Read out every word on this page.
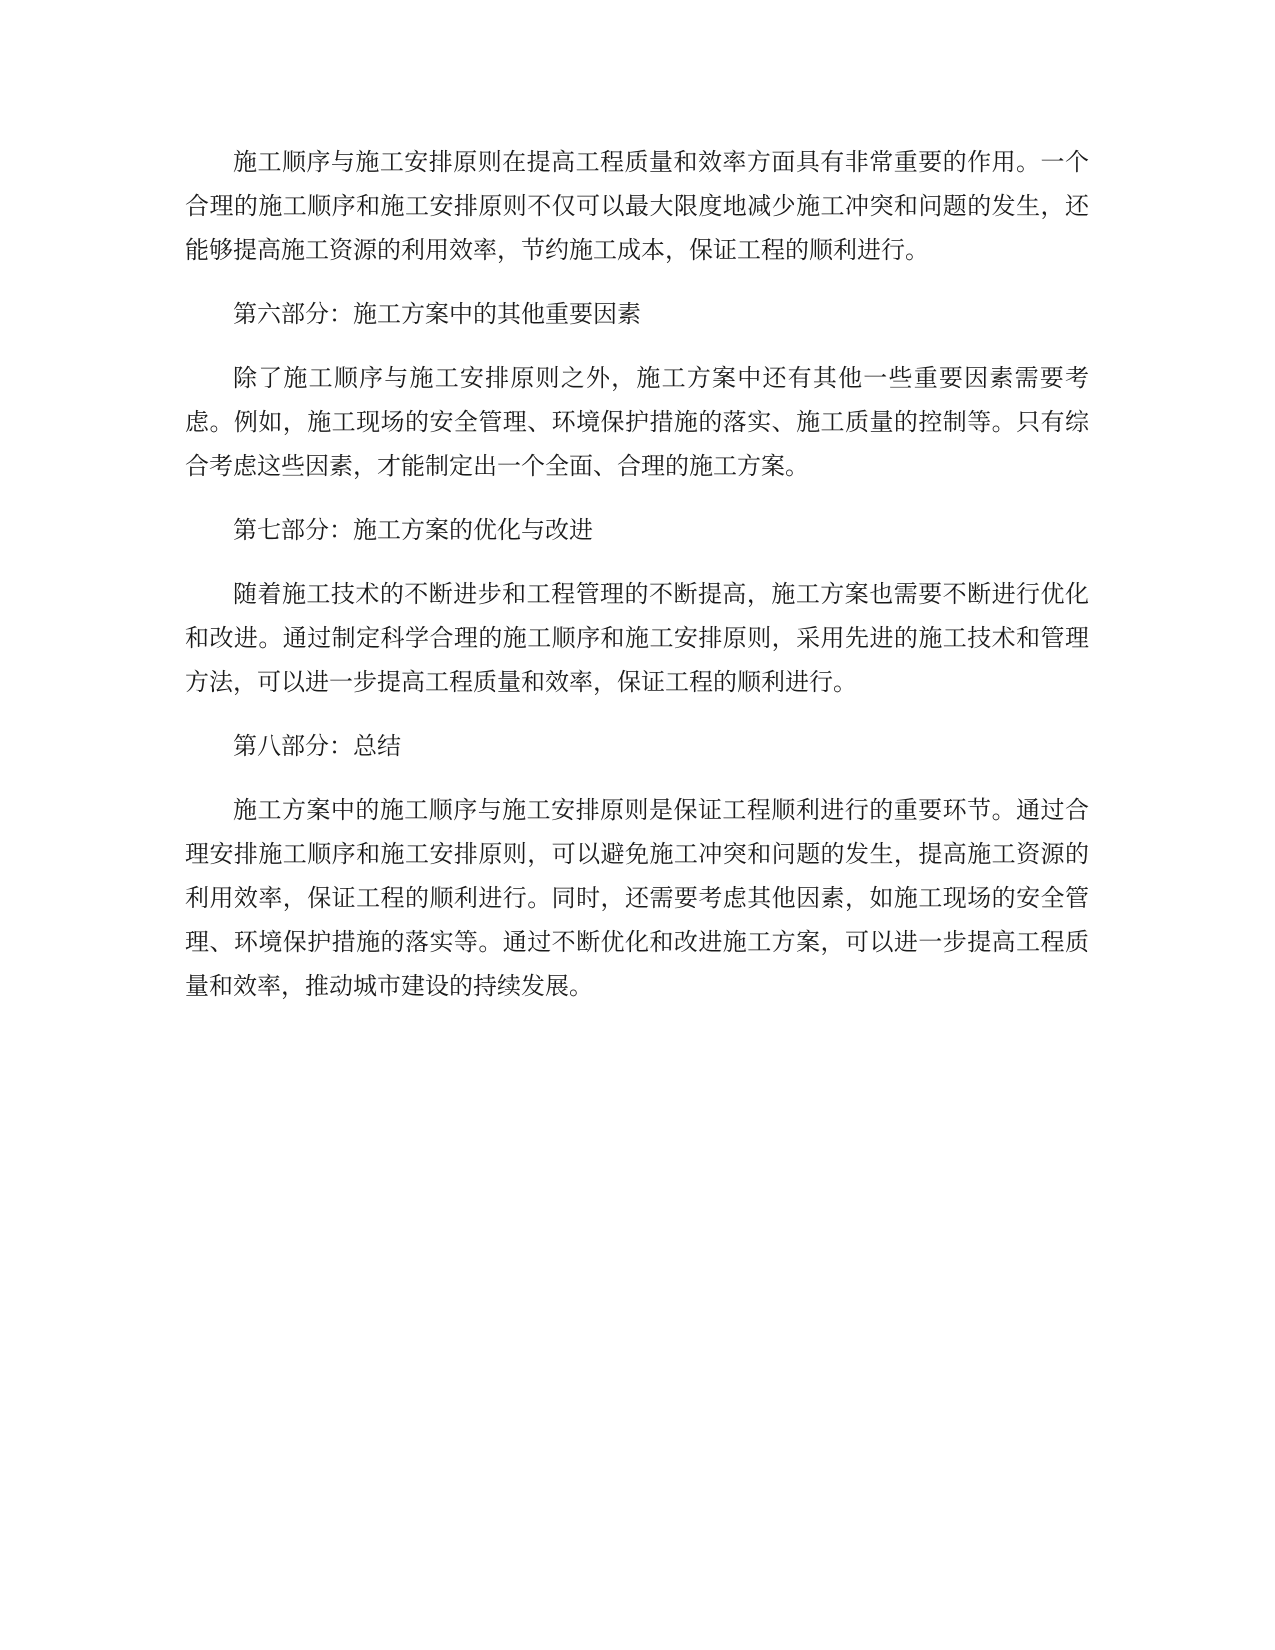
施工顺序与施工安排原则在提高工程质量和效率方面具有非常重要的作用。一个合理的施工顺序和施工安排原则不仅可以最大限度地减少施工冲突和问题的发生，还能够提高施工资源的利用效率，节约施工成本，保证工程的顺利进行。

第六部分：施工方案中的其他重要因素

除了施工顺序与施工安排原则之外，施工方案中还有其他一些重要因素需要考虑。例如，施工现场的安全管理、环境保护措施的落实、施工质量的控制等。只有综合考虑这些因素，才能制定出一个全面、合理的施工方案。

第七部分：施工方案的优化与改进

随着施工技术的不断进步和工程管理的不断提高，施工方案也需要不断进行优化和改进。通过制定科学合理的施工顺序和施工安排原则，采用先进的施工技术和管理方法，可以进一步提高工程质量和效率，保证工程的顺利进行。

第八部分：总结

施工方案中的施工顺序与施工安排原则是保证工程顺利进行的重要环节。通过合理安排施工顺序和施工安排原则，可以避免施工冲突和问题的发生，提高施工资源的利用效率，保证工程的顺利进行。同时，还需要考虑其他因素，如施工现场的安全管理、环境保护措施的落实等。通过不断优化和改进施工方案，可以进一步提高工程质量和效率，推动城市建设的持续发展。
